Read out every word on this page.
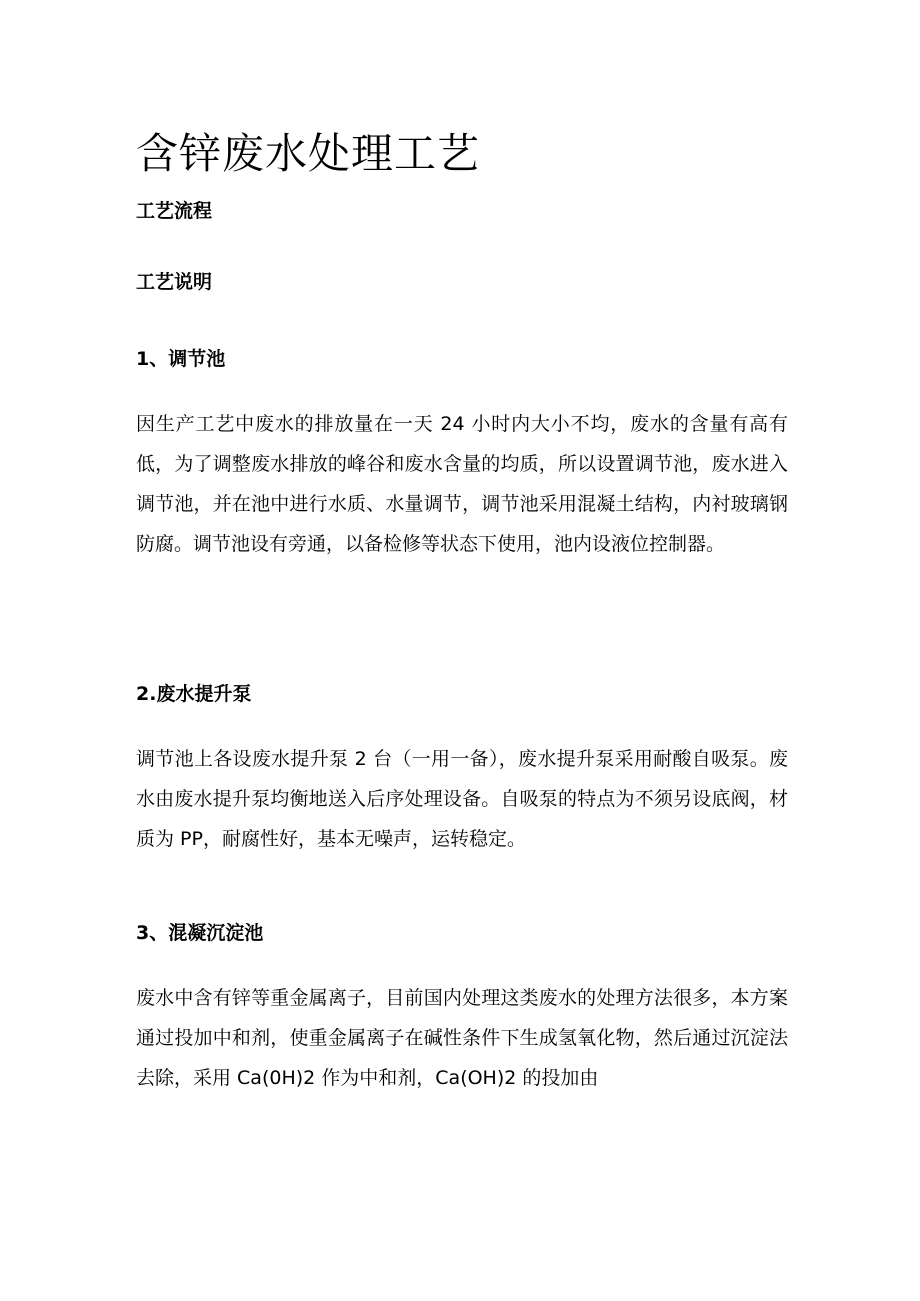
含锌废水处理工艺
工艺流程
工艺说明
1、调节池

因生产工艺中废水的排放量在一天 24 小时内大小不均，废水的含量有高有低，为了调整废水排放的峰谷和废水含量的均质，所以设置调节池，废水进入调节池，并在池中进行水质、水量调节，调节池采用混凝土结构，内衬玻璃钢防腐。调节池设有旁通，以备检修等状态下使用，池内设液位控制器。

2.废水提升泵

调节池上各设废水提升泵 2 台（一用一备），废水提升泵采用耐酸自吸泵。废水由废水提升泵均衡地送入后序处理设备。自吸泵的特点为不须另设底阀，材质为 PP，耐腐性好，基本无噪声，运转稳定。

3、混凝沉淀池

废水中含有锌等重金属离子，目前国内处理这类废水的处理方法很多，本方案通过投加中和剂，使重金属离子在碱性条件下生成氢氧化物，然后通过沉淀法去除，采用 Ca(0H)2 作为中和剂，Ca(OH)2 的投加由
